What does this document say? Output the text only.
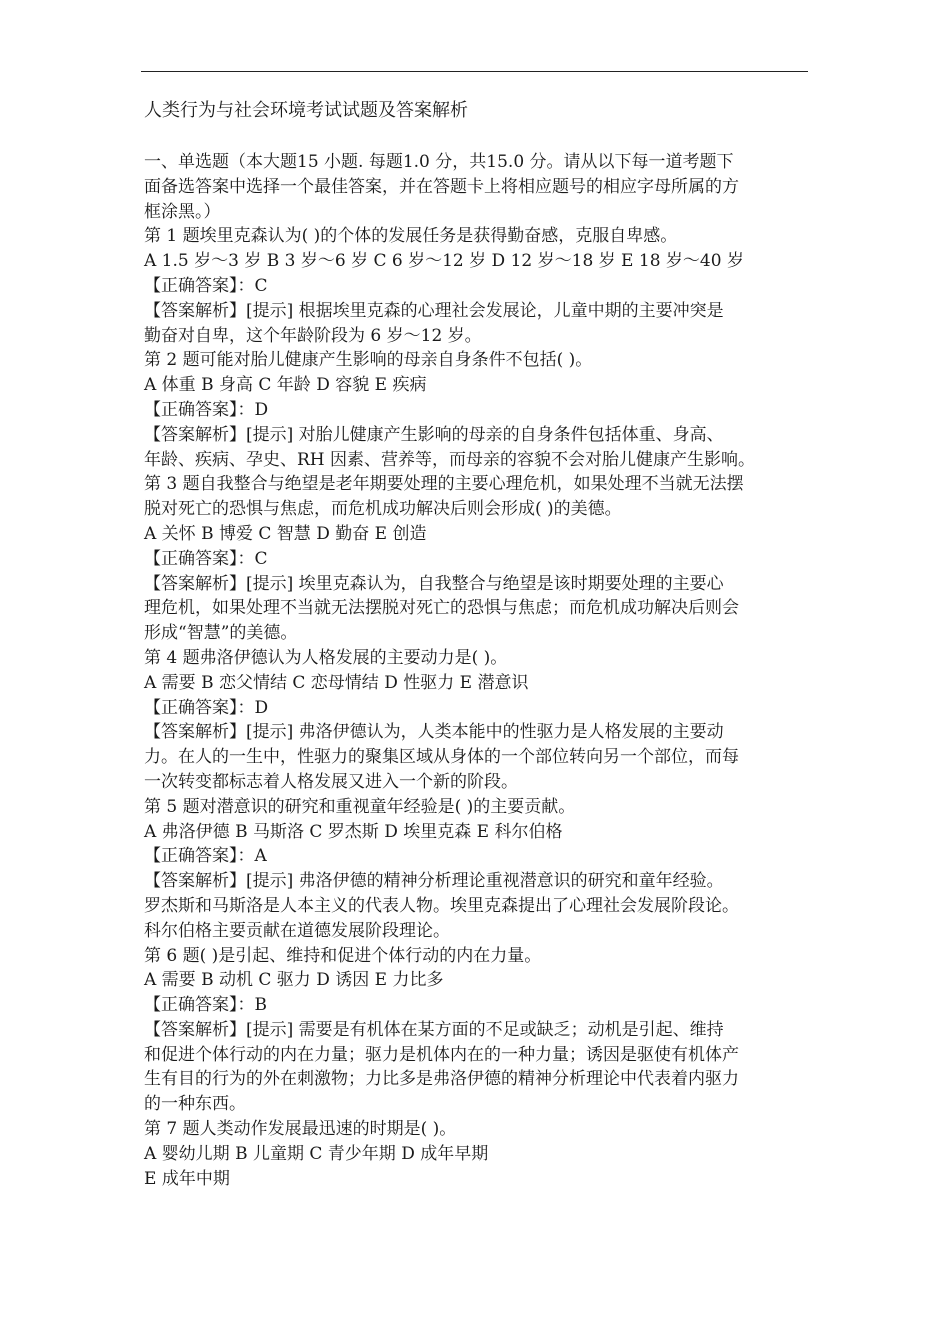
人类行为与社会环境考试试题及答案解析
一、单选题（本大题15 小题. 每题1.0 分，共15.0 分。请从以下每一道考题下
面备选答案中选择一个最佳答案，并在答题卡上将相应题号的相应字母所属的方
框涂黑。）
第 1 题埃里克森认为( )的个体的发展任务是获得勤奋感，克服自卑感。
A 1.5 岁～3 岁 B 3 岁～6 岁 C 6 岁～12 岁 D 12 岁～18 岁 E 18 岁～40 岁
【正确答案】：C
【答案解析】[提示] 根据埃里克森的心理社会发展论，儿童中期的主要冲突是
勤奋对自卑，这个年龄阶段为 6 岁～12 岁。
第 2 题可能对胎儿健康产生影响的母亲自身条件不包括( )。
A 体重 B 身高 C 年龄 D 容貌 E 疾病
【正确答案】：D
【答案解析】[提示] 对胎儿健康产生影响的母亲的自身条件包括体重、身高、
年龄、疾病、孕史、RH 因素、营养等，而母亲的容貌不会对胎儿健康产生影响。
第 3 题自我整合与绝望是老年期要处理的主要心理危机，如果处理不当就无法摆
脱对死亡的恐惧与焦虑，而危机成功解决后则会形成( )的美德。
A 关怀 B 博爱 C 智慧 D 勤奋 E 创造
【正确答案】：C
【答案解析】[提示] 埃里克森认为，自我整合与绝望是该时期要处理的主要心
理危机，如果处理不当就无法摆脱对死亡的恐惧与焦虑；而危机成功解决后则会
形成“智慧”的美德。
第 4 题弗洛伊德认为人格发展的主要动力是( )。
A 需要 B 恋父情结 C 恋母情结 D 性驱力 E 潜意识
【正确答案】：D
【答案解析】[提示] 弗洛伊德认为，人类本能中的性驱力是人格发展的主要动
力。在人的一生中，性驱力的聚集区域从身体的一个部位转向另一个部位，而每
一次转变都标志着人格发展又进入一个新的阶段。
第 5 题对潜意识的研究和重视童年经验是( )的主要贡献。
A 弗洛伊德 B 马斯洛 C 罗杰斯 D 埃里克森 E 科尔伯格
【正确答案】：A
【答案解析】[提示] 弗洛伊德的精神分析理论重视潜意识的研究和童年经验。
罗杰斯和马斯洛是人本主义的代表人物。埃里克森提出了心理社会发展阶段论。
科尔伯格主要贡献在道德发展阶段理论。
第 6 题( )是引起、维持和促进个体行动的内在力量。
A 需要 B 动机 C 驱力 D 诱因 E 力比多
【正确答案】：B
【答案解析】[提示] 需要是有机体在某方面的不足或缺乏；动机是引起、维持
和促进个体行动的内在力量；驱力是机体内在的一种力量；诱因是驱使有机体产
生有目的行为的外在刺激物；力比多是弗洛伊德的精神分析理论中代表着内驱力
的一种东西。
第 7 题人类动作发展最迅速的时期是( )。
A 婴幼儿期 B 儿童期 C 青少年期 D 成年早期
E 成年中期
